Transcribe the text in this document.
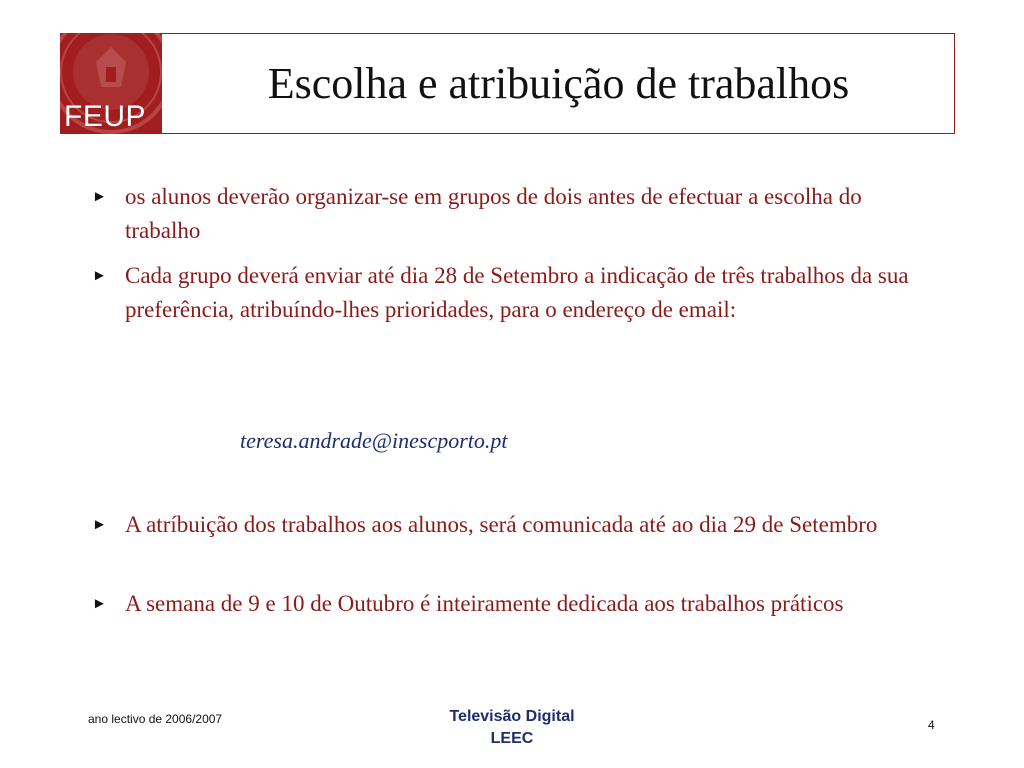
FEUP
Escolha e atribuição de trabalhos
► os alunos deverão organizar-se em grupos de dois antes de efectuar a escolha do trabalho
► Cada grupo deverá enviar até dia 28 de Setembro a indicação de três trabalhos da sua preferência, atribuíndo-lhes prioridades, para o endereço de email:
teresa.andrade@inescporto.pt
► A atríbuição dos trabalhos aos alunos, será comunicada até ao dia 29 de Setembro
► A semana de 9 e 10 de Outubro é inteiramente dedicada aos trabalhos práticos
ano lectivo de 2006/2007	Televisão Digital
LEEC
4
